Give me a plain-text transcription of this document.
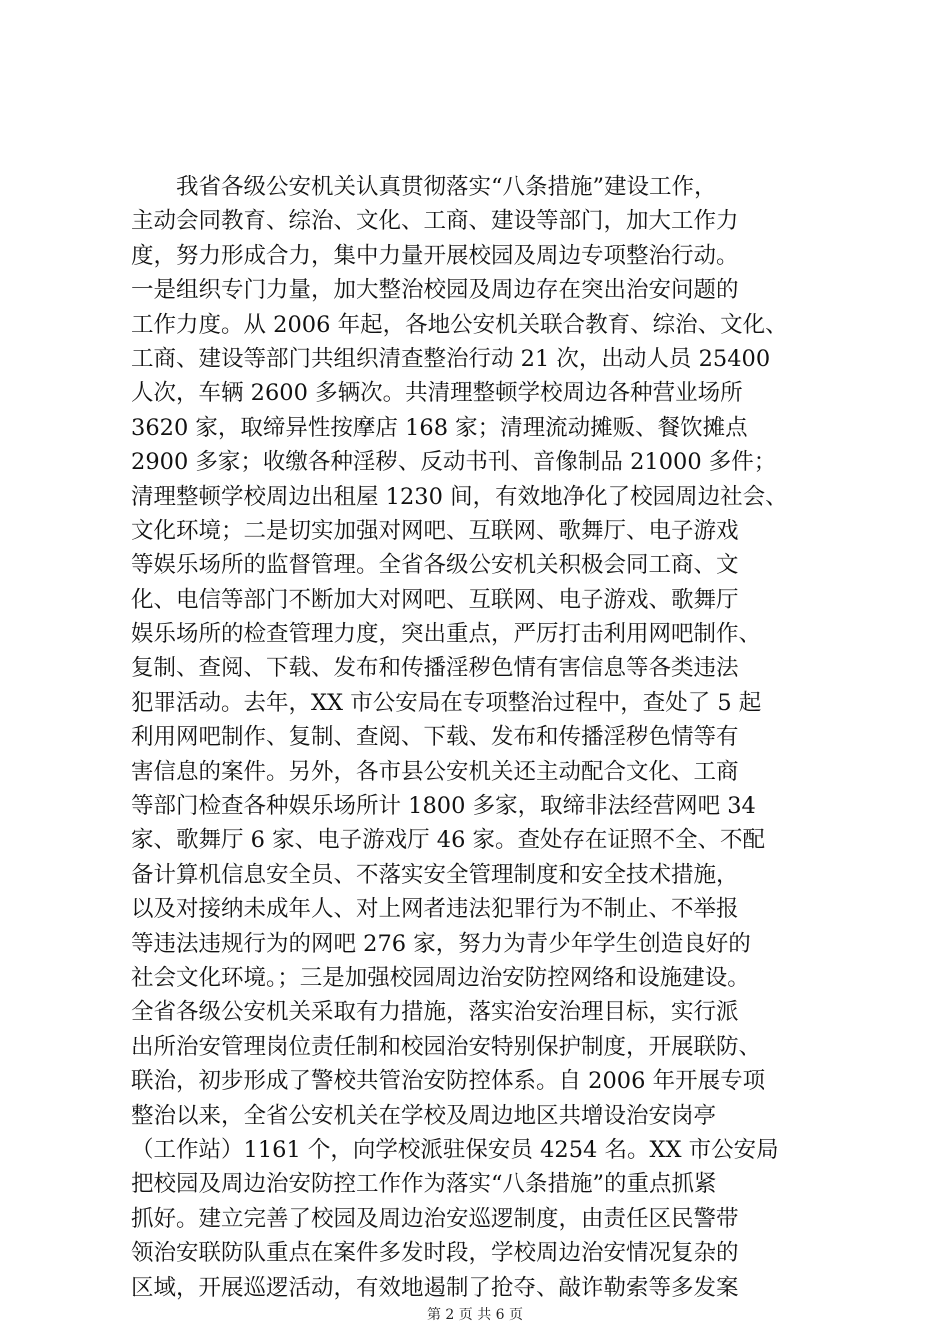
　　我省各级公安机关认真贯彻落实“八条措施”建设工作，
主动会同教育、综治、文化、工商、建设等部门，加大工作力
度，努力形成合力，集中力量开展校园及周边专项整治行动。
一是组织专门力量，加大整治校园及周边存在突出治安问题的
工作力度。从 2006 年起，各地公安机关联合教育、综治、文化、
工商、建设等部门共组织清查整治行动 21 次，出动人员 25400
人次，车辆 2600 多辆次。共清理整顿学校周边各种营业场所
3620 家，取缔异性按摩店 168 家；清理流动摊贩、餐饮摊点
2900 多家；收缴各种淫秽、反动书刊、音像制品 21000 多件；
清理整顿学校周边出租屋 1230 间，有效地净化了校园周边社会、
文化环境；二是切实加强对网吧、互联网、歌舞厅、电子游戏
等娱乐场所的监督管理。全省各级公安机关积极会同工商、文
化、电信等部门不断加大对网吧、互联网、电子游戏、歌舞厅
娱乐场所的检查管理力度，突出重点，严厉打击利用网吧制作、
复制、查阅、下载、发布和传播淫秽色情有害信息等各类违法
犯罪活动。去年，XX 市公安局在专项整治过程中，查处了 5 起
利用网吧制作、复制、查阅、下载、发布和传播淫秽色情等有
害信息的案件。另外，各市县公安机关还主动配合文化、工商
等部门检查各种娱乐场所计 1800 多家，取缔非法经营网吧 34
家、歌舞厅 6 家、电子游戏厅 46 家。查处存在证照不全、不配
备计算机信息安全员、不落实安全管理制度和安全技术措施，
以及对接纳未成年人、对上网者违法犯罪行为不制止、不举报
等违法违规行为的网吧 276 家，努力为青少年学生创造良好的
社会文化环境。；三是加强校园周边治安防控网络和设施建设。
全省各级公安机关采取有力措施，落实治安治理目标，实行派
出所治安管理岗位责任制和校园治安特别保护制度，开展联防、
联治，初步形成了警校共管治安防控体系。自 2006 年开展专项
整治以来，全省公安机关在学校及周边地区共增设治安岗亭
（工作站）1161 个，向学校派驻保安员 4254 名。XX 市公安局
把校园及周边治安防控工作作为落实“八条措施”的重点抓紧
抓好。建立完善了校园及周边治安巡逻制度，由责任区民警带
领治安联防队重点在案件多发时段，学校周边治安情况复杂的
区域，开展巡逻活动，有效地遏制了抢夺、敲诈勒索等多发案
第 2 页 共 6 页
